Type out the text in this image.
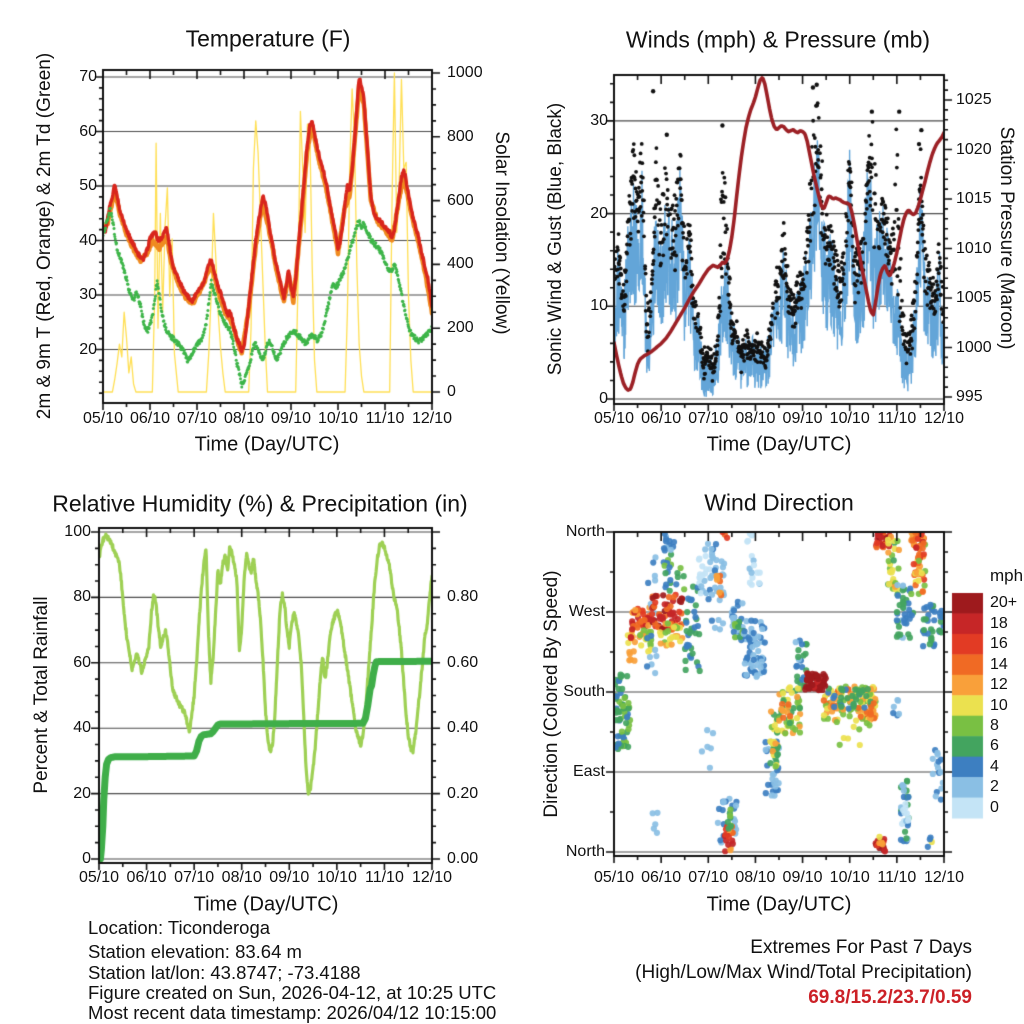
Temperature (F)	Winds (mph) & Pressure (mb)
Relative Humidity (%) & Precipitation (in)	Wind Direction
Time (Day/UTC)	Time (Day/UTC)
Time (Day/UTC)	Time (Day/UTC)
2m & 9m T (Red, Orange) & 2m Td (Green)	Solar Insolation (Yellow) Sonic Wind & Gust (Blue, Black)	Station Pressure (Maroon)
Percent & Total Rainfall	Direction (Colored By Speed)	mph
Location: Ticonderoga
Station elevation: 83.64 m
Station lat/lon: 43.8747; -73.4188
Figure created on Sun, 2026-04-12, at 10:25 UTC
Most recent data timestamp: 2026/04/12 10:15:00
Extremes For Past 7 Days
(High/Low/Max Wind/Total Precipitation)
69.8/15.2/23.7/0.59
70
60
50
40
30
20
1000
800
600
400
200
0
05/10 06/10 07/10 08/10 09/10 10/10 11/10 12/10
30
20
10
0
1025
1020
1015
1010
1005
1000
995
05/10 06/10 07/10 08/10 09/10 10/10 11/10 12/10
100
80
60
40
20
0
0.80
0.60
0.40
0.20
0.00
05/10 06/10 07/10 08/10 09/10 10/10 11/10 12/10
20+
18
16
14
12
10
8
6
4
2
0
North
West
South
East
North
05/10 06/10 07/10 08/10 09/10 10/10 11/10 12/10
